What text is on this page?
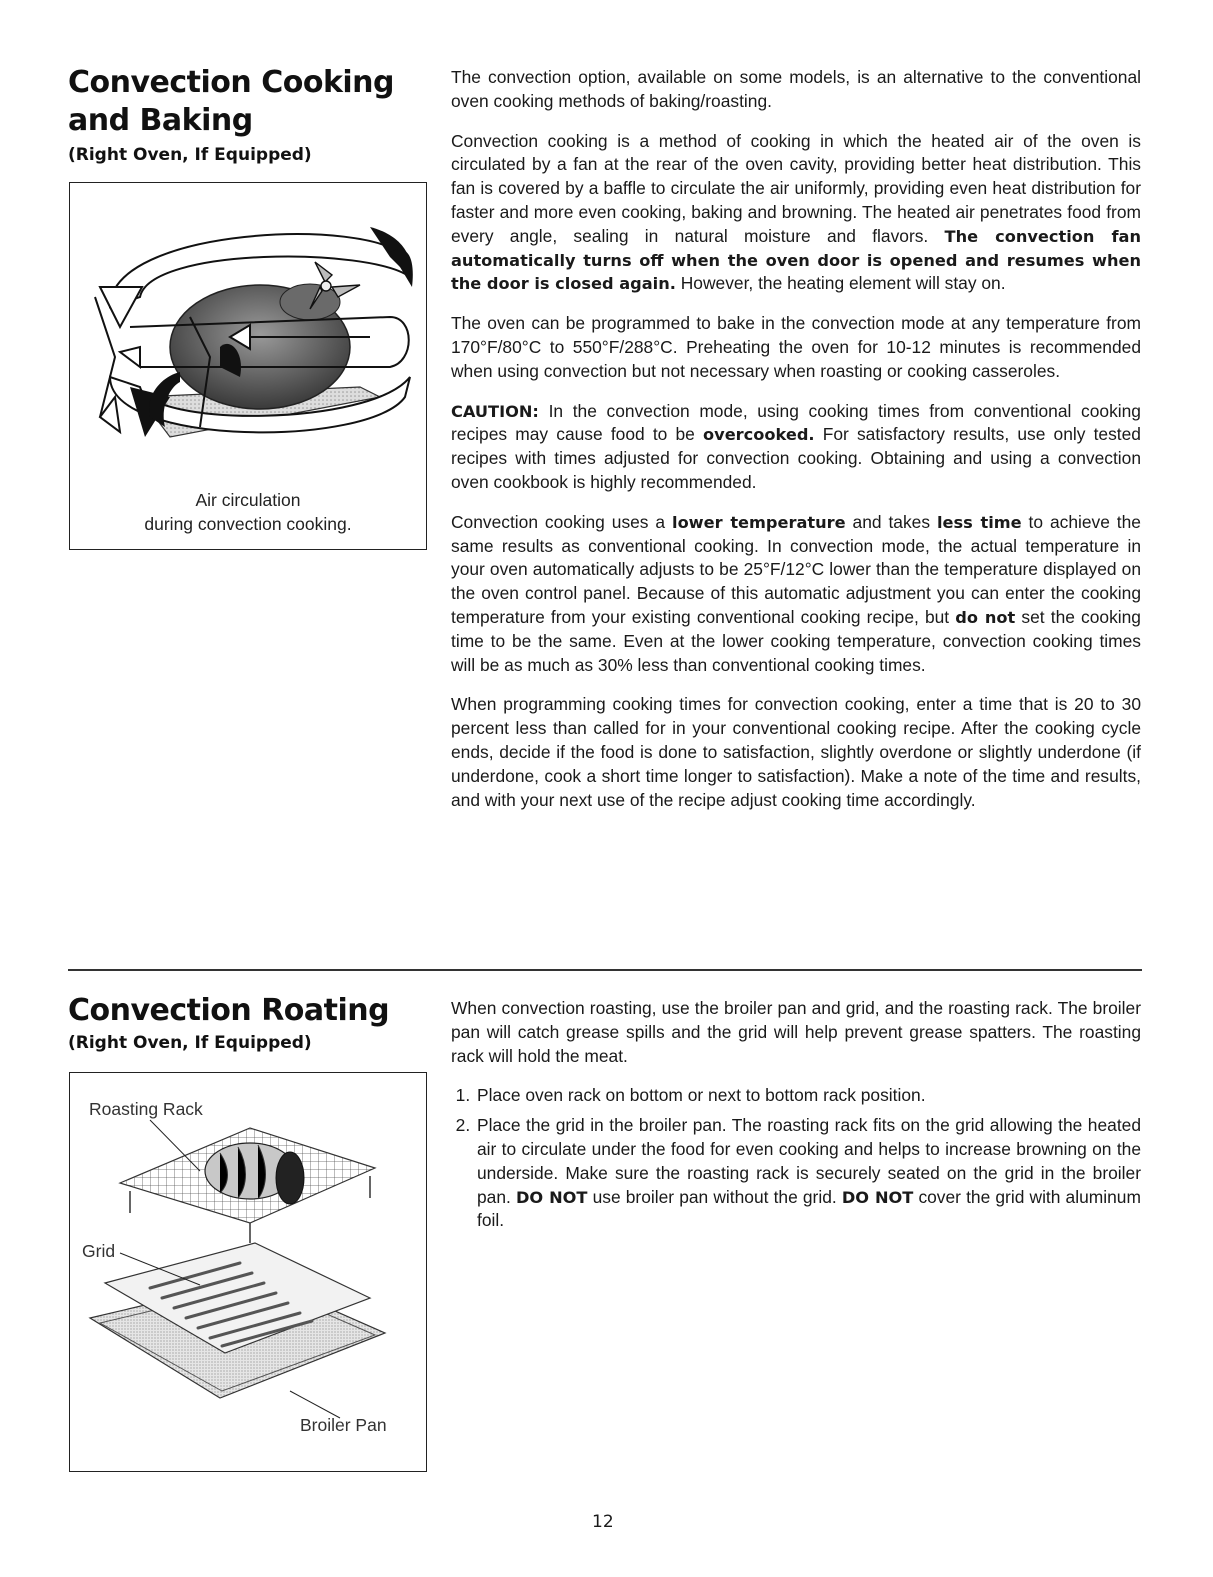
Convection Cooking
and Baking
(Right Oven, If Equipped)
Air circulation
during convection cooking.

The convection option, available on some models, is an alternative to the conventional oven cooking methods of baking/roasting.

Convection cooking is a method of cooking in which the heated air of the oven is circulated by a fan at the rear of the oven cavity, providing better heat distribution. This fan is covered by a baffle to circulate the air uniformly, providing even heat distribution for faster and more even cooking, baking and browning. The heated air penetrates food from every angle, sealing in natural moisture and flavors. The convection fan automatically turns off when the oven door is opened and resumes when the door is closed again. However, the heating element will stay on.

The oven can be programmed to bake in the convection mode at any temperature from 170°F/80°C to 550°F/288°C. Preheating the oven for 10-12 minutes is recommended when using convection but not necessary when roasting or cooking casseroles.

CAUTION: In the convection mode, using cooking times from conventional cooking recipes may cause food to be overcooked. For satisfactory results, use only tested recipes with times adjusted for convection cooking. Obtaining and using a convection oven cookbook is highly recommended.

Convection cooking uses a lower temperature and takes less time to achieve the same results as conventional cooking. In convection mode, the actual temperature in your oven automatically adjusts to be 25°F/12°C lower than the temperature displayed on the oven control panel. Because of this automatic adjustment you can enter the cooking temperature from your existing conventional cooking recipe, but do not set the cooking time to be the same. Even at the lower cooking temperature, convection cooking times will be as much as 30% less than conventional cooking times.

When programming cooking times for convection cooking, enter a time that is 20 to 30 percent less than called for in your conventional cooking recipe. After the cooking cycle ends, decide if the food is done to satisfaction, slightly overdone or slightly underdone (if underdone, cook a short time longer to satisfaction). Make a note of the time and results, and with your next use of the recipe adjust cooking time accordingly.

Convection Roating
(Right Oven, If Equipped)
Roasting Rack
Grid
Broiler Pan

When convection roasting, use the broiler pan and grid, and the roasting rack. The broiler pan will catch grease spills and the grid will help prevent grease spatters. The roasting rack will hold the meat.

1. Place oven rack on bottom or next to bottom rack position.
2. Place the grid in the broiler pan. The roasting rack fits on the grid allowing the heated air to circulate under the food for even cooking and helps to increase browning on the underside. Make sure the roasting rack is securely seated on the grid in the broiler pan. DO NOT use broiler pan without the grid. DO NOT cover the grid with aluminum foil.
12
